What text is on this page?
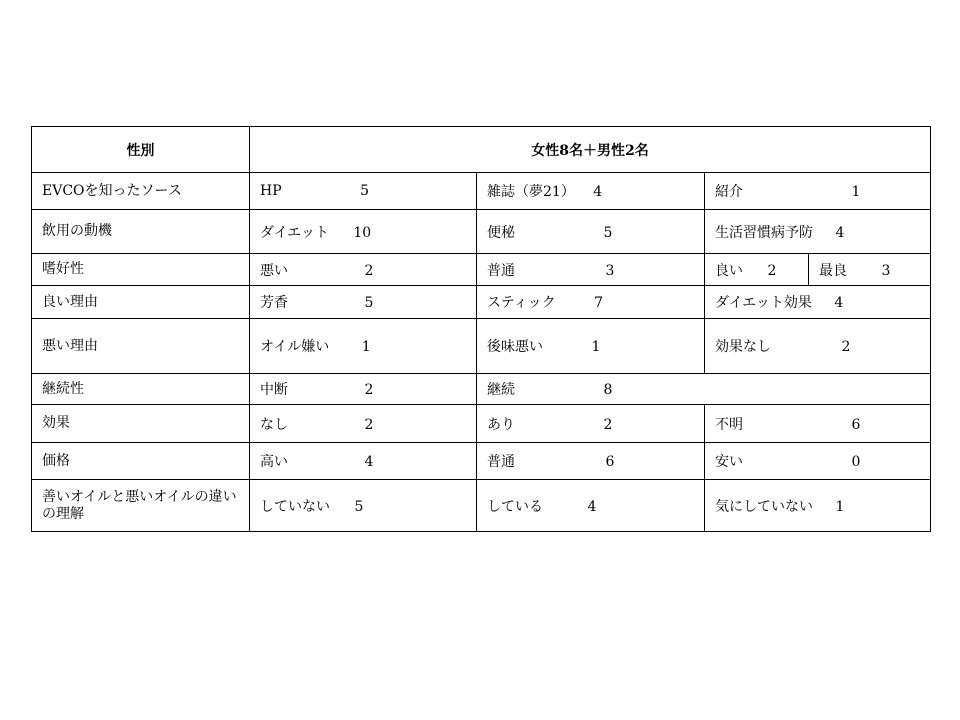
性別	女性8名＋男性2名			
EVCOを知ったソース	HP 5	雑誌（夢21） 4	紹介 1	
飲用の動機	ダイエット 10	便秘 5	生活習慣病予防 4	
嗜好性	悪い 2	普通 3	良い 2	最良 3
良い理由	芳香 5	スティック 7	ダイエット効果 4	
悪い理由	オイル嫌い 1	後味悪い 1	効果なし 2	
継続性	中断 2	継続 8		
効果	なし 2	あり 2	不明 6	
価格	高い 4	普通 6	安い 0	
善いオイルと悪いオイルの違いの理解	していない 5	している 4	気にしていない 1	
